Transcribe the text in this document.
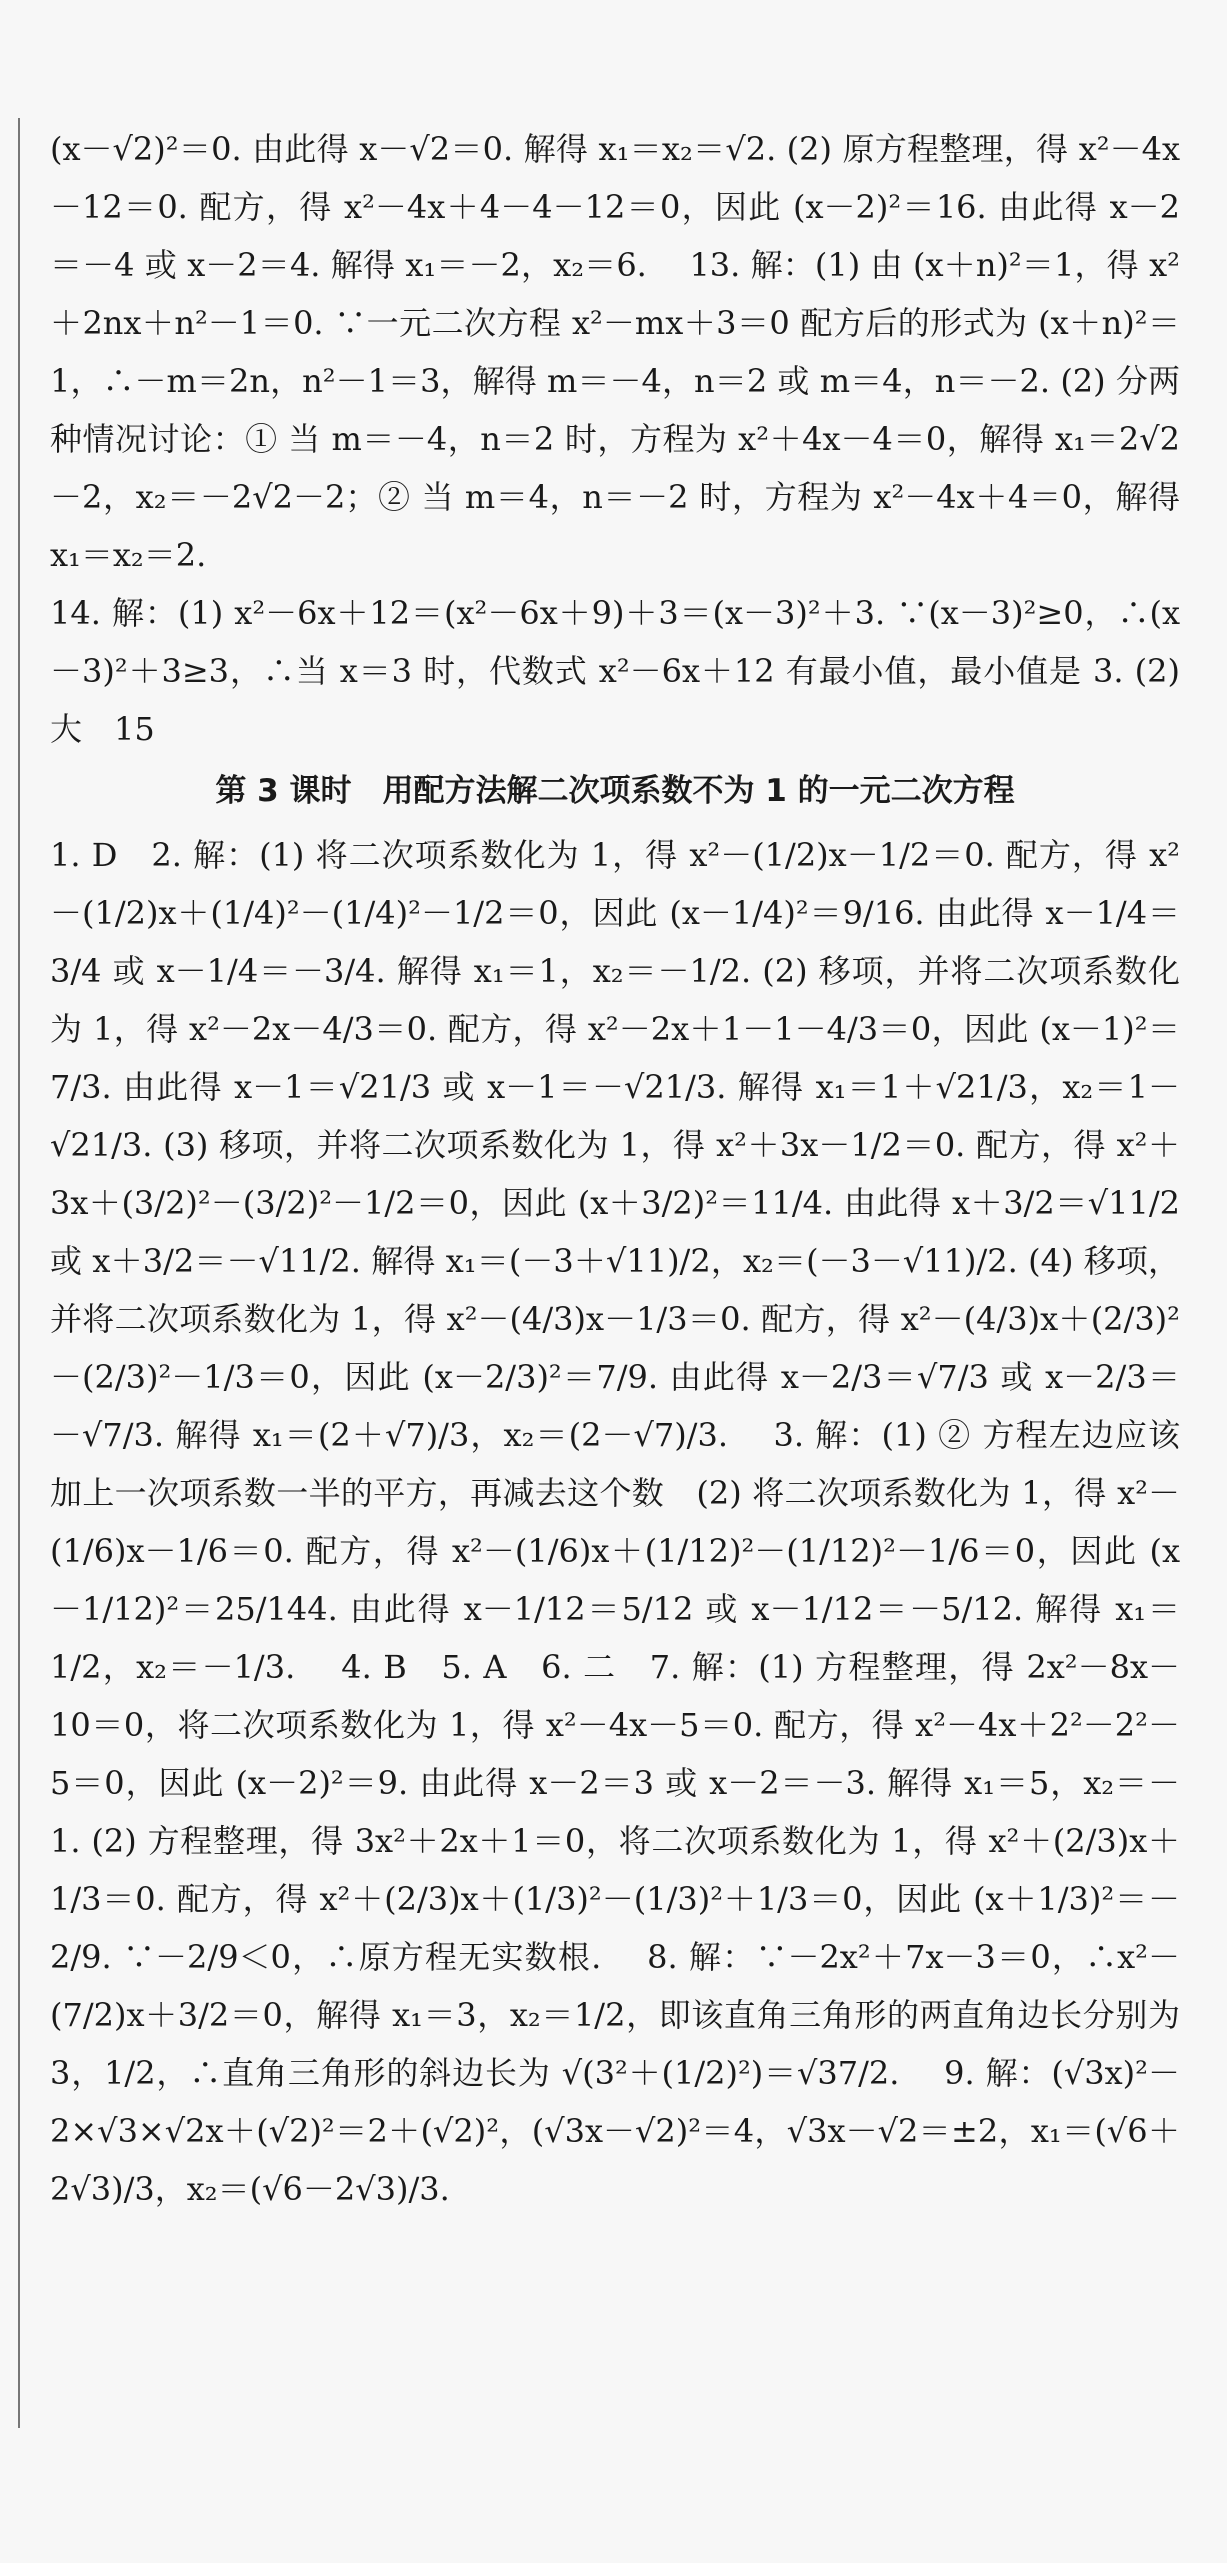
(x－√2)²＝0. 由此得 x－√2＝0. 解得 x₁＝x₂＝√2. (2) 原方程整理，得 x²－4x－12＝0. 配方，得 x²－4x＋4－4－12＝0，因此 (x－2)²＝16. 由此得 x－2＝－4 或 x－2＝4. 解得 x₁＝－2，x₂＝6.　 13. 解：(1) 由 (x＋n)²＝1，得 x²＋2nx＋n²－1＝0. ∵一元二次方程 x²－mx＋3＝0 配方后的形式为 (x＋n)²＝1，∴－m＝2n，n²－1＝3，解得 m＝－4，n＝2 或 m＝4，n＝－2. (2) 分两种情况讨论：① 当 m＝－4，n＝2 时，方程为 x²＋4x－4＝0，解得 x₁＝2√2－2，x₂＝－2√2－2；② 当 m＝4，n＝－2 时，方程为 x²－4x＋4＝0，解得 x₁＝x₂＝2.

14. 解：(1) x²－6x＋12＝(x²－6x＋9)＋3＝(x－3)²＋3. ∵(x－3)²≥0，∴(x－3)²＋3≥3，∴当 x＝3 时，代数式 x²－6x＋12 有最小值，最小值是 3. (2) 大　15

第 3 课时　用配方法解二次项系数不为 1 的一元二次方程

1. D　2. 解：(1) 将二次项系数化为 1，得 x²－(1/2)x－1/2＝0. 配方，得 x²－(1/2)x＋(1/4)²－(1/4)²－1/2＝0，因此 (x－1/4)²＝9/16. 由此得 x－1/4＝3/4 或 x－1/4＝－3/4. 解得 x₁＝1，x₂＝－1/2. (2) 移项，并将二次项系数化为 1，得 x²－2x－4/3＝0. 配方，得 x²－2x＋1－1－4/3＝0，因此 (x－1)²＝7/3. 由此得 x－1＝√21/3 或 x－1＝－√21/3. 解得 x₁＝1＋√21/3，x₂＝1－√21/3. (3) 移项，并将二次项系数化为 1，得 x²＋3x－1/2＝0. 配方，得 x²＋3x＋(3/2)²－(3/2)²－1/2＝0，因此 (x＋3/2)²＝11/4. 由此得 x＋3/2＝√11/2 或 x＋3/2＝－√11/2. 解得 x₁＝(－3＋√11)/2，x₂＝(－3－√11)/2. (4) 移项，并将二次项系数化为 1，得 x²－(4/3)x－1/3＝0. 配方，得 x²－(4/3)x＋(2/3)²－(2/3)²－1/3＝0，因此 (x－2/3)²＝7/9. 由此得 x－2/3＝√7/3 或 x－2/3＝－√7/3. 解得 x₁＝(2＋√7)/3，x₂＝(2－√7)/3.　 3. 解：(1) ② 方程左边应该加上一次项系数一半的平方，再减去这个数　(2) 将二次项系数化为 1，得 x²－(1/6)x－1/6＝0. 配方，得 x²－(1/6)x＋(1/12)²－(1/12)²－1/6＝0，因此 (x－1/12)²＝25/144. 由此得 x－1/12＝5/12 或 x－1/12＝－5/12. 解得 x₁＝1/2，x₂＝－1/3.　 4. B　5. A　6. 二　7. 解：(1) 方程整理，得 2x²－8x－10＝0，将二次项系数化为 1，得 x²－4x－5＝0. 配方，得 x²－4x＋2²－2²－5＝0，因此 (x－2)²＝9. 由此得 x－2＝3 或 x－2＝－3. 解得 x₁＝5，x₂＝－1. (2) 方程整理，得 3x²＋2x＋1＝0，将二次项系数化为 1，得 x²＋(2/3)x＋1/3＝0. 配方，得 x²＋(2/3)x＋(1/3)²－(1/3)²＋1/3＝0，因此 (x＋1/3)²＝－2/9. ∵－2/9＜0，∴原方程无实数根.　 8. 解：∵－2x²＋7x－3＝0，∴x²－(7/2)x＋3/2＝0，解得 x₁＝3，x₂＝1/2，即该直角三角形的两直角边长分别为 3，1/2，∴直角三角形的斜边长为 √(3²＋(1/2)²)＝√37/2.　 9. 解：(√3x)²－2×√3×√2x＋(√2)²＝2＋(√2)²，(√3x－√2)²＝4，√3x－√2＝±2，x₁＝(√6＋2√3)/3，x₂＝(√6－2√3)/3.
